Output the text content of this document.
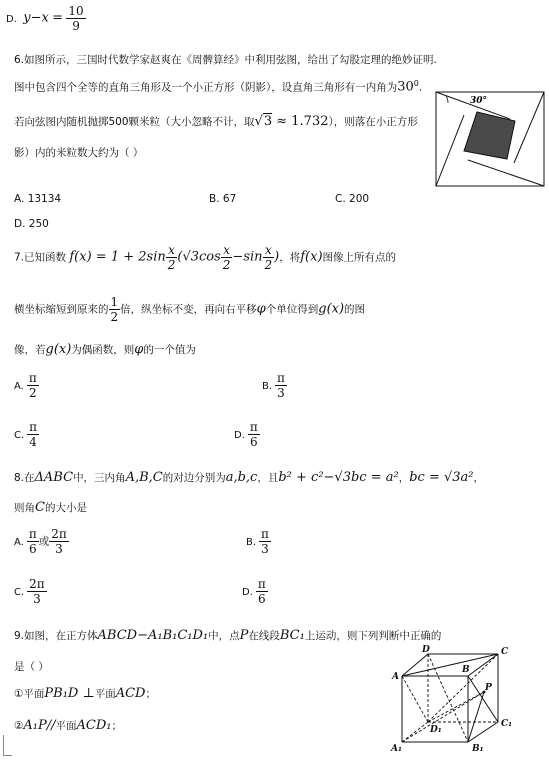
D. $y-x = \frac{10}{9}$
6.如图所示，三国时代数学家赵爽在《周髀算经》中利用弦图，给出了勾股定理的绝妙证明.
图中包含四个全等的直角三角形及一个小正方形（阴影），设直角三角形有一内角为$30^0$.
若向弦图内随机抛掷500颗米粒（大小忽略不计，取√3 ≈ 1.732），则落在小正方形
影）内的米粒数大约为（ ）
30°
A. 13134	B. 67	C. 200
D. 250
7.已知函数 $f(x) = 1 + 2\sin \frac{x}{2} (√3\cos \frac{x}{2} -\sin \frac{x}{2}$ )，将f(x)图像上所有点的
横坐标缩短到原来的 $\frac{1}{2}$ 倍，纵坐标不变，再向右平移φ个单位得到g(x)的图
像，若g(x)为偶函数，则φ的一个值为
A. $\frac{\pi}{2}$	B. $\frac{\pi}{3}$
C. $\frac{\pi}{4}$	D. $\frac{\pi}{6}$
8.在ΔABC中，三内角A,B,C的对边分别为a,b,c，且b² + c²−√3bc = a²，bc = √3a²，
则角C的大小是
A. $\frac{\pi}{6}$ 或 $\frac{2\pi}{3}$	B. $\frac{\pi}{3}$
C. $\frac{2\pi}{3}$	D. $\frac{\pi}{6}$
9.如图，在正方体ABCD−A₁B₁C₁D₁中，点P在线段BC₁上运动，则下列判断中正确的
是（ ）
①平面PB₁D ⊥平面ACD；
②A₁P//平面ACD₁；
A
B
C
D
P
A₁	B₁
C₁
D₁
